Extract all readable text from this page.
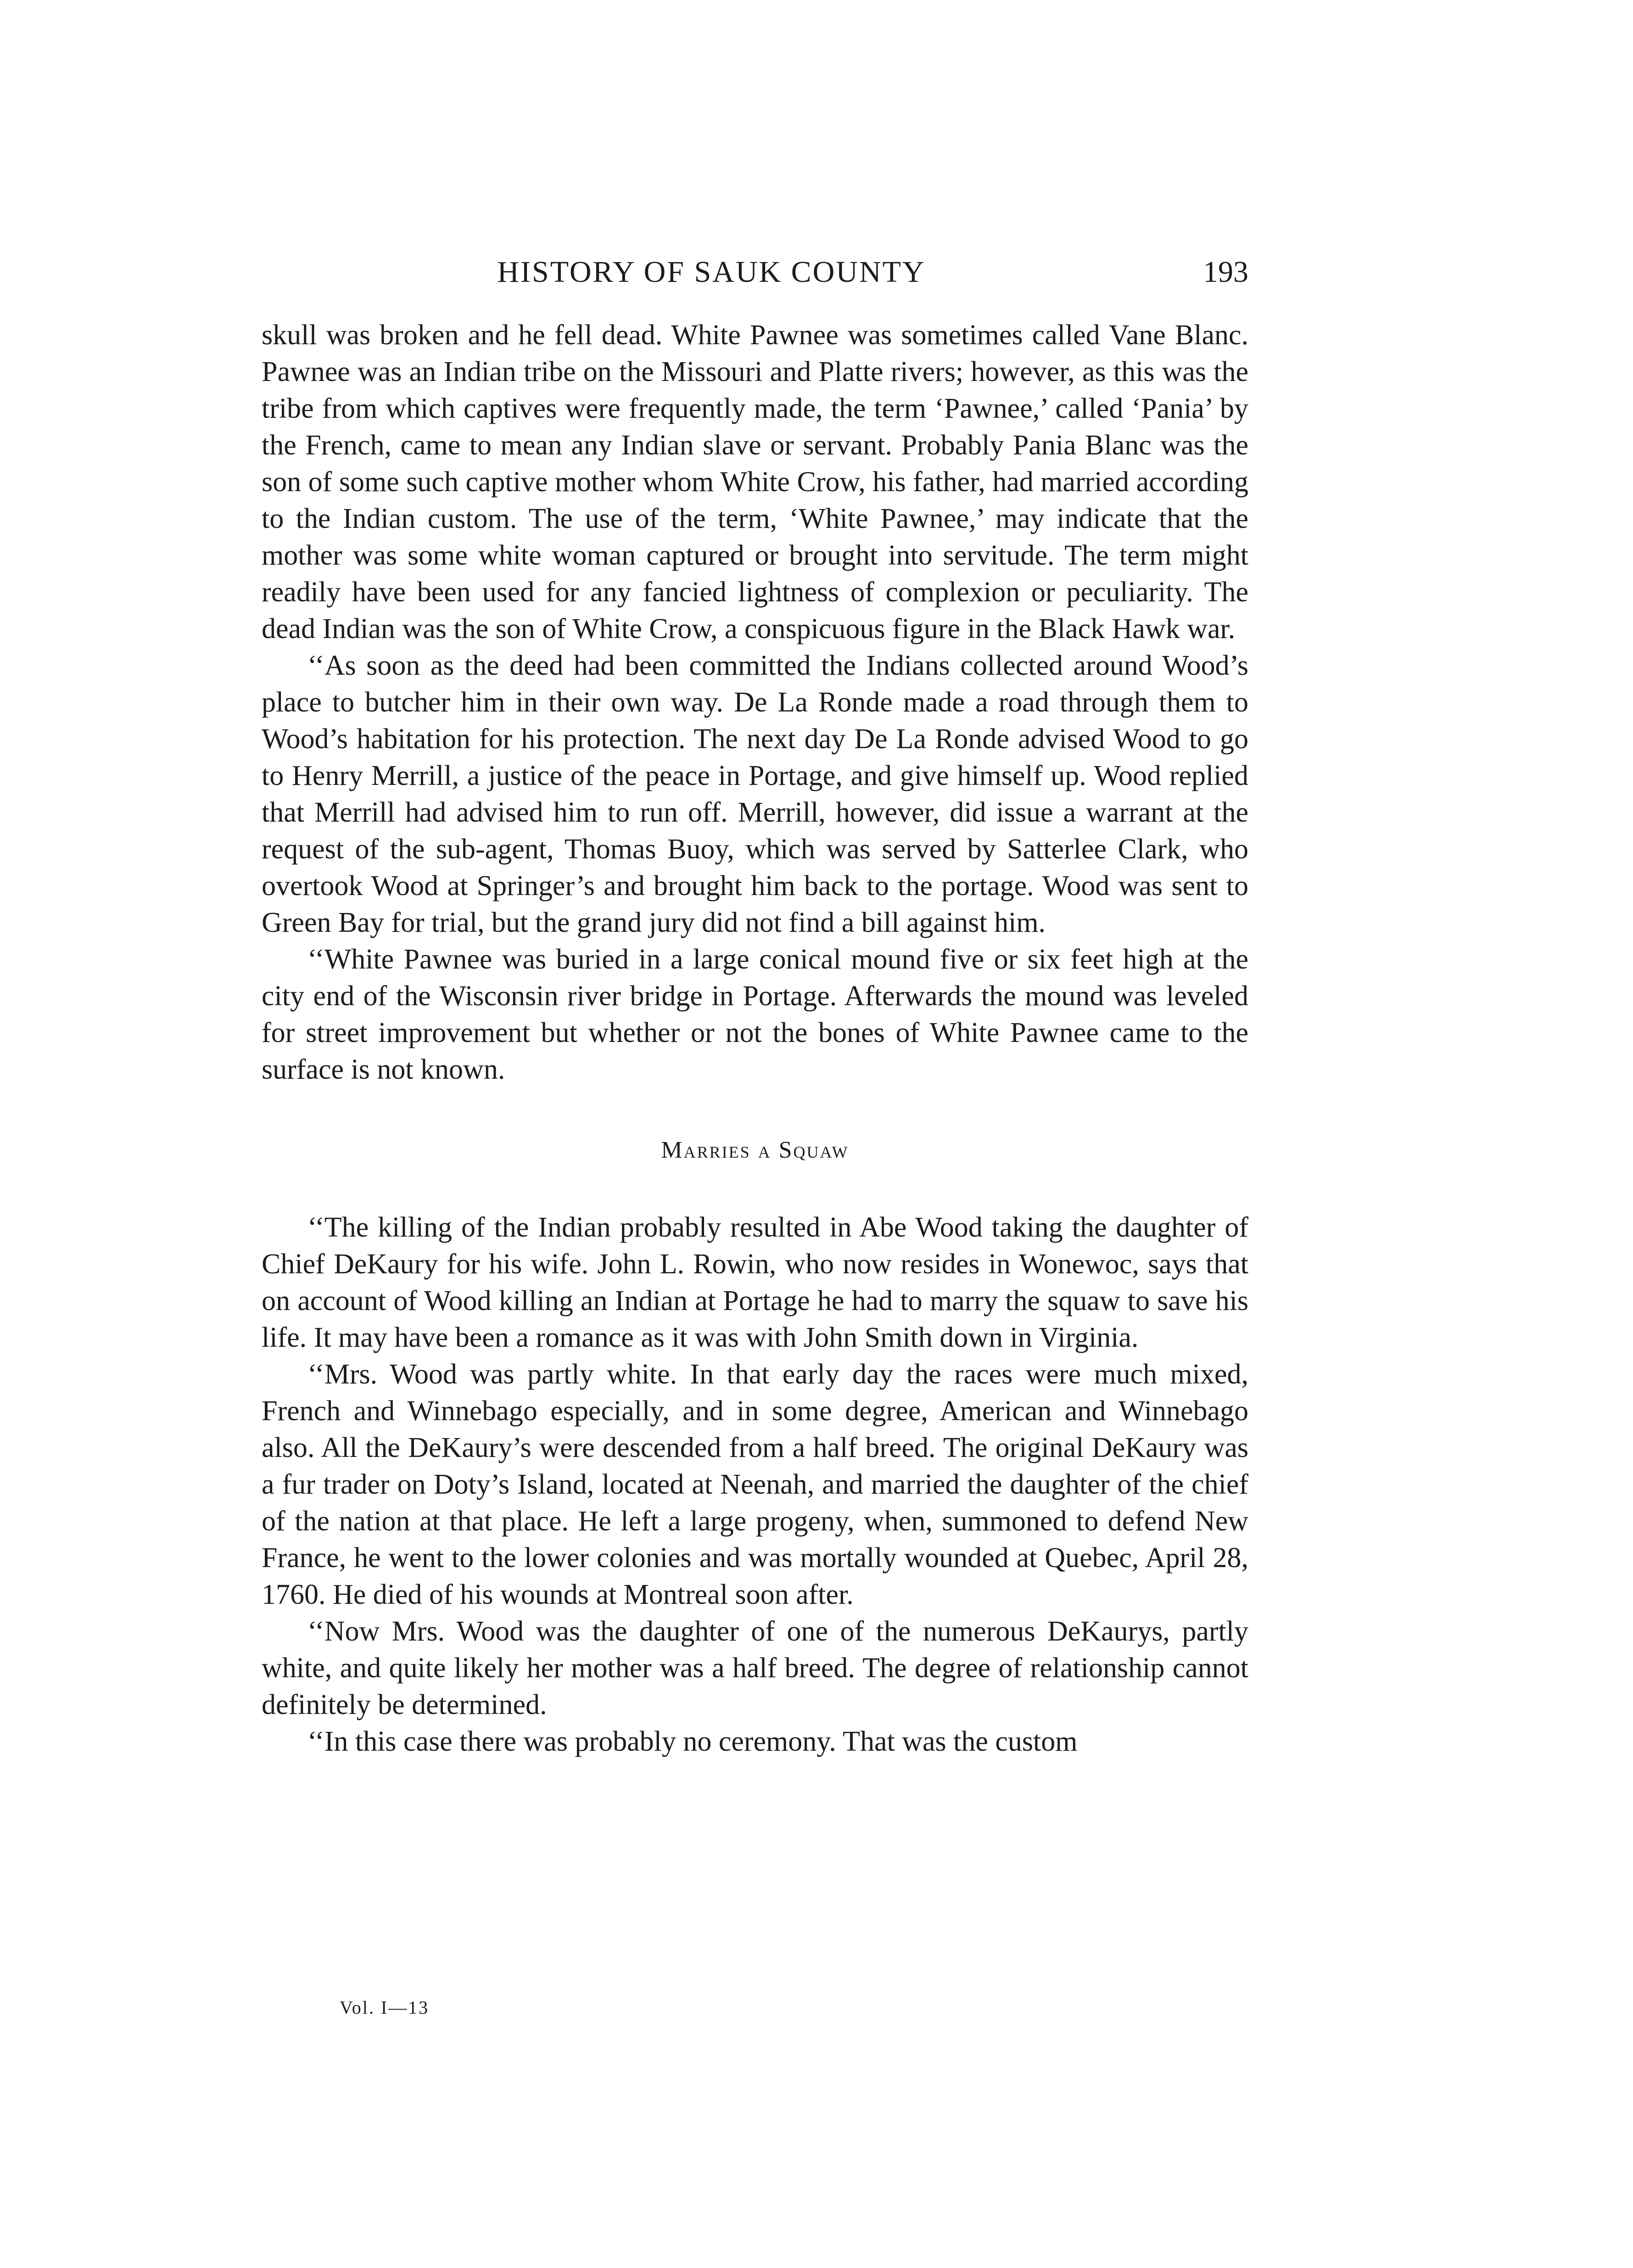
HISTORY OF SAUK COUNTY	193

skull was broken and he fell dead. White Pawnee was sometimes called Vane Blanc. Pawnee was an Indian tribe on the Missouri and Platte rivers; however, as this was the tribe from which captives were frequently made, the term ‘Pawnee,’ called ‘Pania’ by the French, came to mean any Indian slave or servant. Probably Pania Blanc was the son of some such captive mother whom White Crow, his father, had married according to the Indian custom. The use of the term, ‘White Pawnee,’ may indicate that the mother was some white woman captured or brought into servitude. The term might readily have been used for any fancied lightness of complexion or peculiarity. The dead Indian was the son of White Crow, a conspicuous figure in the Black Hawk war.

‘‘As soon as the deed had been committed the Indians collected around Wood’s place to butcher him in their own way. De La Ronde made a road through them to Wood’s habitation for his protection. The next day De La Ronde advised Wood to go to Henry Merrill, a justice of the peace in Portage, and give himself up. Wood replied that Merrill had advised him to run off. Merrill, however, did issue a warrant at the request of the sub-agent, Thomas Buoy, which was served by Satterlee Clark, who overtook Wood at Springer’s and brought him back to the portage. Wood was sent to Green Bay for trial, but the grand jury did not find a bill against him.

‘‘White Pawnee was buried in a large conical mound five or six feet high at the city end of the Wisconsin river bridge in Portage. Afterwards the mound was leveled for street improvement but whether or not the bones of White Pawnee came to the surface is not known.

Marries a Squaw

‘‘The killing of the Indian probably resulted in Abe Wood taking the daughter of Chief DeKaury for his wife. John L. Rowin, who now resides in Wonewoc, says that on account of Wood killing an Indian at Portage he had to marry the squaw to save his life. It may have been a romance as it was with John Smith down in Virginia.

‘‘Mrs. Wood was partly white. In that early day the races were much mixed, French and Winnebago especially, and in some degree, American and Winnebago also. All the DeKaury’s were descended from a half breed. The original DeKaury was a fur trader on Doty’s Island, located at Neenah, and married the daughter of the chief of the nation at that place. He left a large progeny, when, summoned to defend New France, he went to the lower colonies and was mortally wounded at Quebec, April 28, 1760. He died of his wounds at Montreal soon after.

‘‘Now Mrs. Wood was the daughter of one of the numerous DeKaurys, partly white, and quite likely her mother was a half breed. The degree of relationship cannot definitely be determined.

‘‘In this case there was probably no ceremony. That was the custom

Vol. I—13
